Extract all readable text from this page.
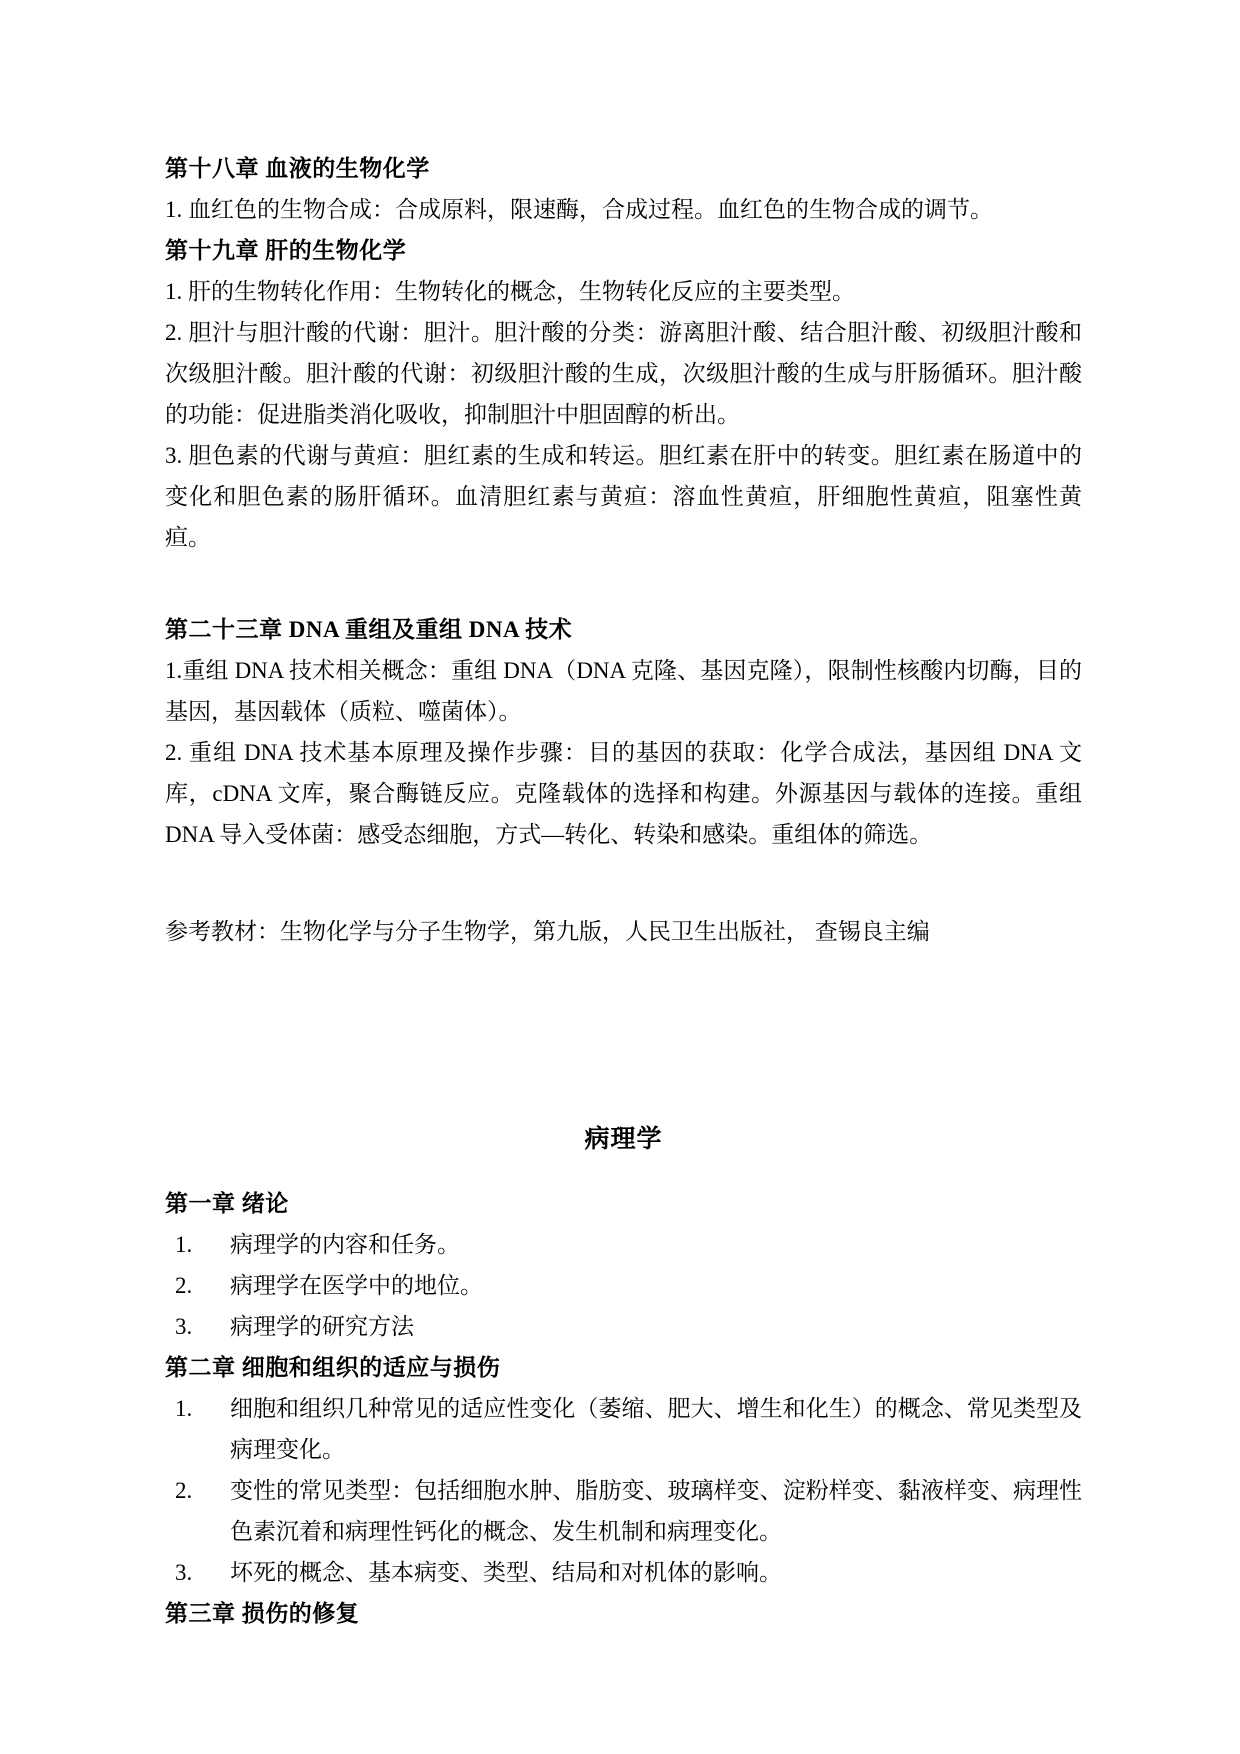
第十八章 血液的生物化学
1. 血红色的生物合成：合成原料，限速酶，合成过程。血红色的生物合成的调节。
第十九章 肝的生物化学
1. 肝的生物转化作用：生物转化的概念，生物转化反应的主要类型。
2. 胆汁与胆汁酸的代谢：胆汁。胆汁酸的分类：游离胆汁酸、结合胆汁酸、初级胆汁酸和次级胆汁酸。胆汁酸的代谢：初级胆汁酸的生成，次级胆汁酸的生成与肝肠循环。胆汁酸的功能：促进脂类消化吸收，抑制胆汁中胆固醇的析出。
3. 胆色素的代谢与黄疸：胆红素的生成和转运。胆红素在肝中的转变。胆红素在肠道中的变化和胆色素的肠肝循环。血清胆红素与黄疸：溶血性黄疸，肝细胞性黄疸，阻塞性黄疸。
第二十三章 DNA 重组及重组 DNA 技术
1.重组 DNA 技术相关概念：重组 DNA（DNA 克隆、基因克隆），限制性核酸内切酶，目的基因，基因载体（质粒、噬菌体）。
2. 重组 DNA 技术基本原理及操作步骤：目的基因的获取：化学合成法，基因组 DNA 文库，cDNA 文库，聚合酶链反应。克隆载体的选择和构建。外源基因与载体的连接。重组 DNA 导入受体菌：感受态细胞，方式—转化、转染和感染。重组体的筛选。
参考教材：生物化学与分子生物学，第九版，人民卫生出版社， 查锡良主编
病理学
第一章 绪论
1.	病理学的内容和任务。
2.	病理学在医学中的地位。
3.	病理学的研究方法
第二章 细胞和组织的适应与损伤
1.	细胞和组织几种常见的适应性变化（萎缩、肥大、增生和化生）的概念、常见类型及病理变化。
2.	变性的常见类型：包括细胞水肿、脂肪变、玻璃样变、淀粉样变、黏液样变、病理性色素沉着和病理性钙化的概念、发生机制和病理变化。
3.	坏死的概念、基本病变、类型、结局和对机体的影响。
第三章 损伤的修复
